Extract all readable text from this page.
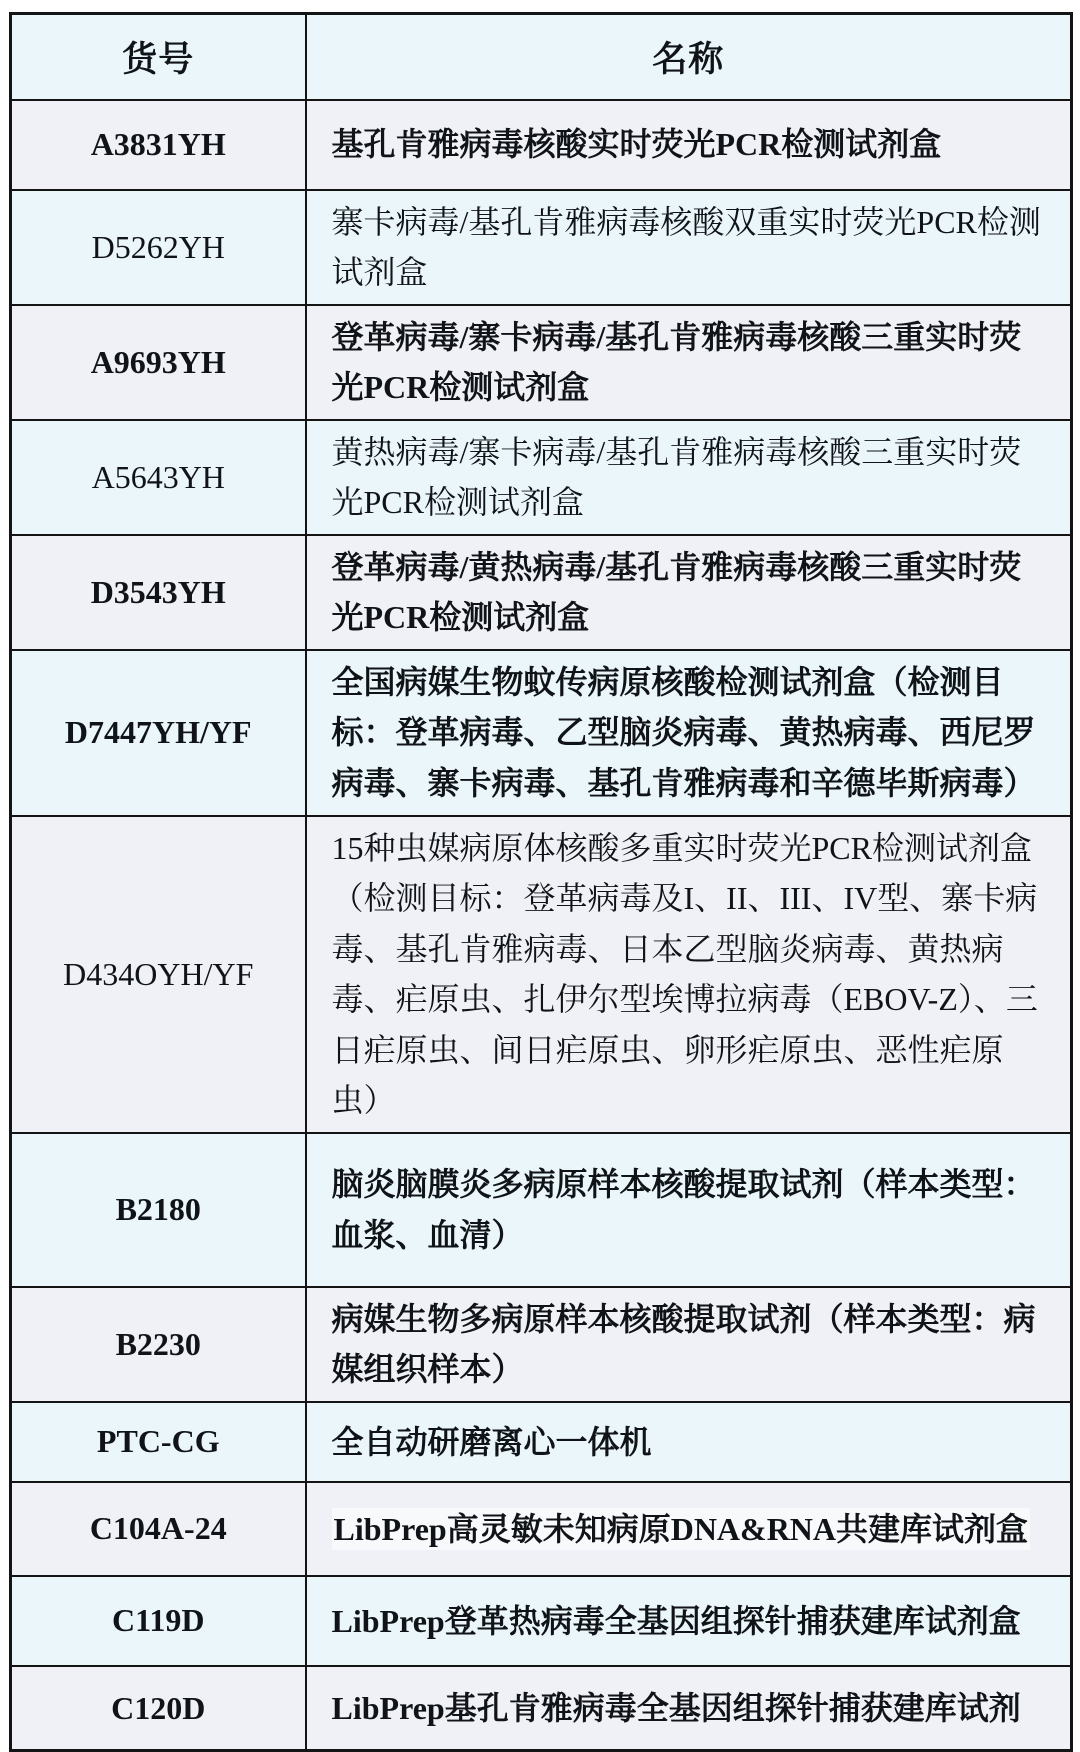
货号	名称
A3831YH	基孔肯雅病毒核酸实时荧光PCR检测试剂盒
D5262YH	寨卡病毒/基孔肯雅病毒核酸双重实时荧光PCR检测试剂盒
A9693YH	登革病毒/寨卡病毒/基孔肯雅病毒核酸三重实时荧光PCR检测试剂盒
A5643YH	黄热病毒/寨卡病毒/基孔肯雅病毒核酸三重实时荧光PCR检测试剂盒
D3543YH	登革病毒/黄热病毒/基孔肯雅病毒核酸三重实时荧光PCR检测试剂盒
D7447YH/YF	全国病媒生物蚊传病原核酸检测试剂盒（检测目标：登革病毒、乙型脑炎病毒、黄热病毒、西尼罗病毒、寨卡病毒、基孔肯雅病毒和辛德毕斯病毒）
D434OYH/YF	15种虫媒病原体核酸多重实时荧光PCR检测试剂盒（检测目标：登革病毒及I、II、III、IV型、寨卡病毒、基孔肯雅病毒、日本乙型脑炎病毒、黄热病毒、疟原虫、扎伊尔型埃博拉病毒（EBOV-Z）、三日疟原虫、间日疟原虫、卵形疟原虫、恶性疟原虫）
B2180	脑炎脑膜炎多病原样本核酸提取试剂（样本类型：血浆、血清）
B2230	病媒生物多病原样本核酸提取试剂（样本类型：病媒组织样本）
PTC-CG	全自动研磨离心一体机
C104A-24	LibPrep高灵敏未知病原DNA&RNA共建库试剂盒
C119D	LibPrep登革热病毒全基因组探针捕获建库试剂盒
C120D	LibPrep基孔肯雅病毒全基因组探针捕获建库试剂
